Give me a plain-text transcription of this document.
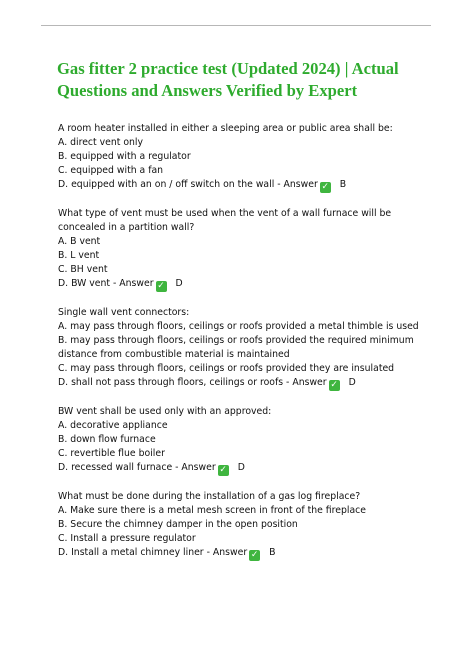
Gas fitter 2 practice test (Updated 2024) | Actual Questions and Answers Verified by Expert
A room heater installed in either a sleeping area or public area shall be:
A. direct vent only
B. equipped with a regulator
C. equipped with a fan
D. equipped with an on / off switch on the wall - Answer ✓ B
What type of vent must be used when the vent of a wall furnace will be concealed in a partition wall?
A. B vent
B. L vent
C. BH vent
D. BW vent - Answer ✓ D
Single wall vent connectors:
A. may pass through floors, ceilings or roofs provided a metal thimble is used
B. may pass through floors, ceilings or roofs provided the required minimum distance from combustible material is maintained
C. may pass through floors, ceilings or roofs provided they are insulated
D. shall not pass through floors, ceilings or roofs - Answer ✓ D
BW vent shall be used only with an approved:
A. decorative appliance
B. down flow furnace
C. revertible flue boiler
D. recessed wall furnace - Answer ✓ D
What must be done during the installation of a gas log fireplace?
A. Make sure there is a metal mesh screen in front of the fireplace
B. Secure the chimney damper in the open position
C. Install a pressure regulator
D. Install a metal chimney liner - Answer ✓ B
